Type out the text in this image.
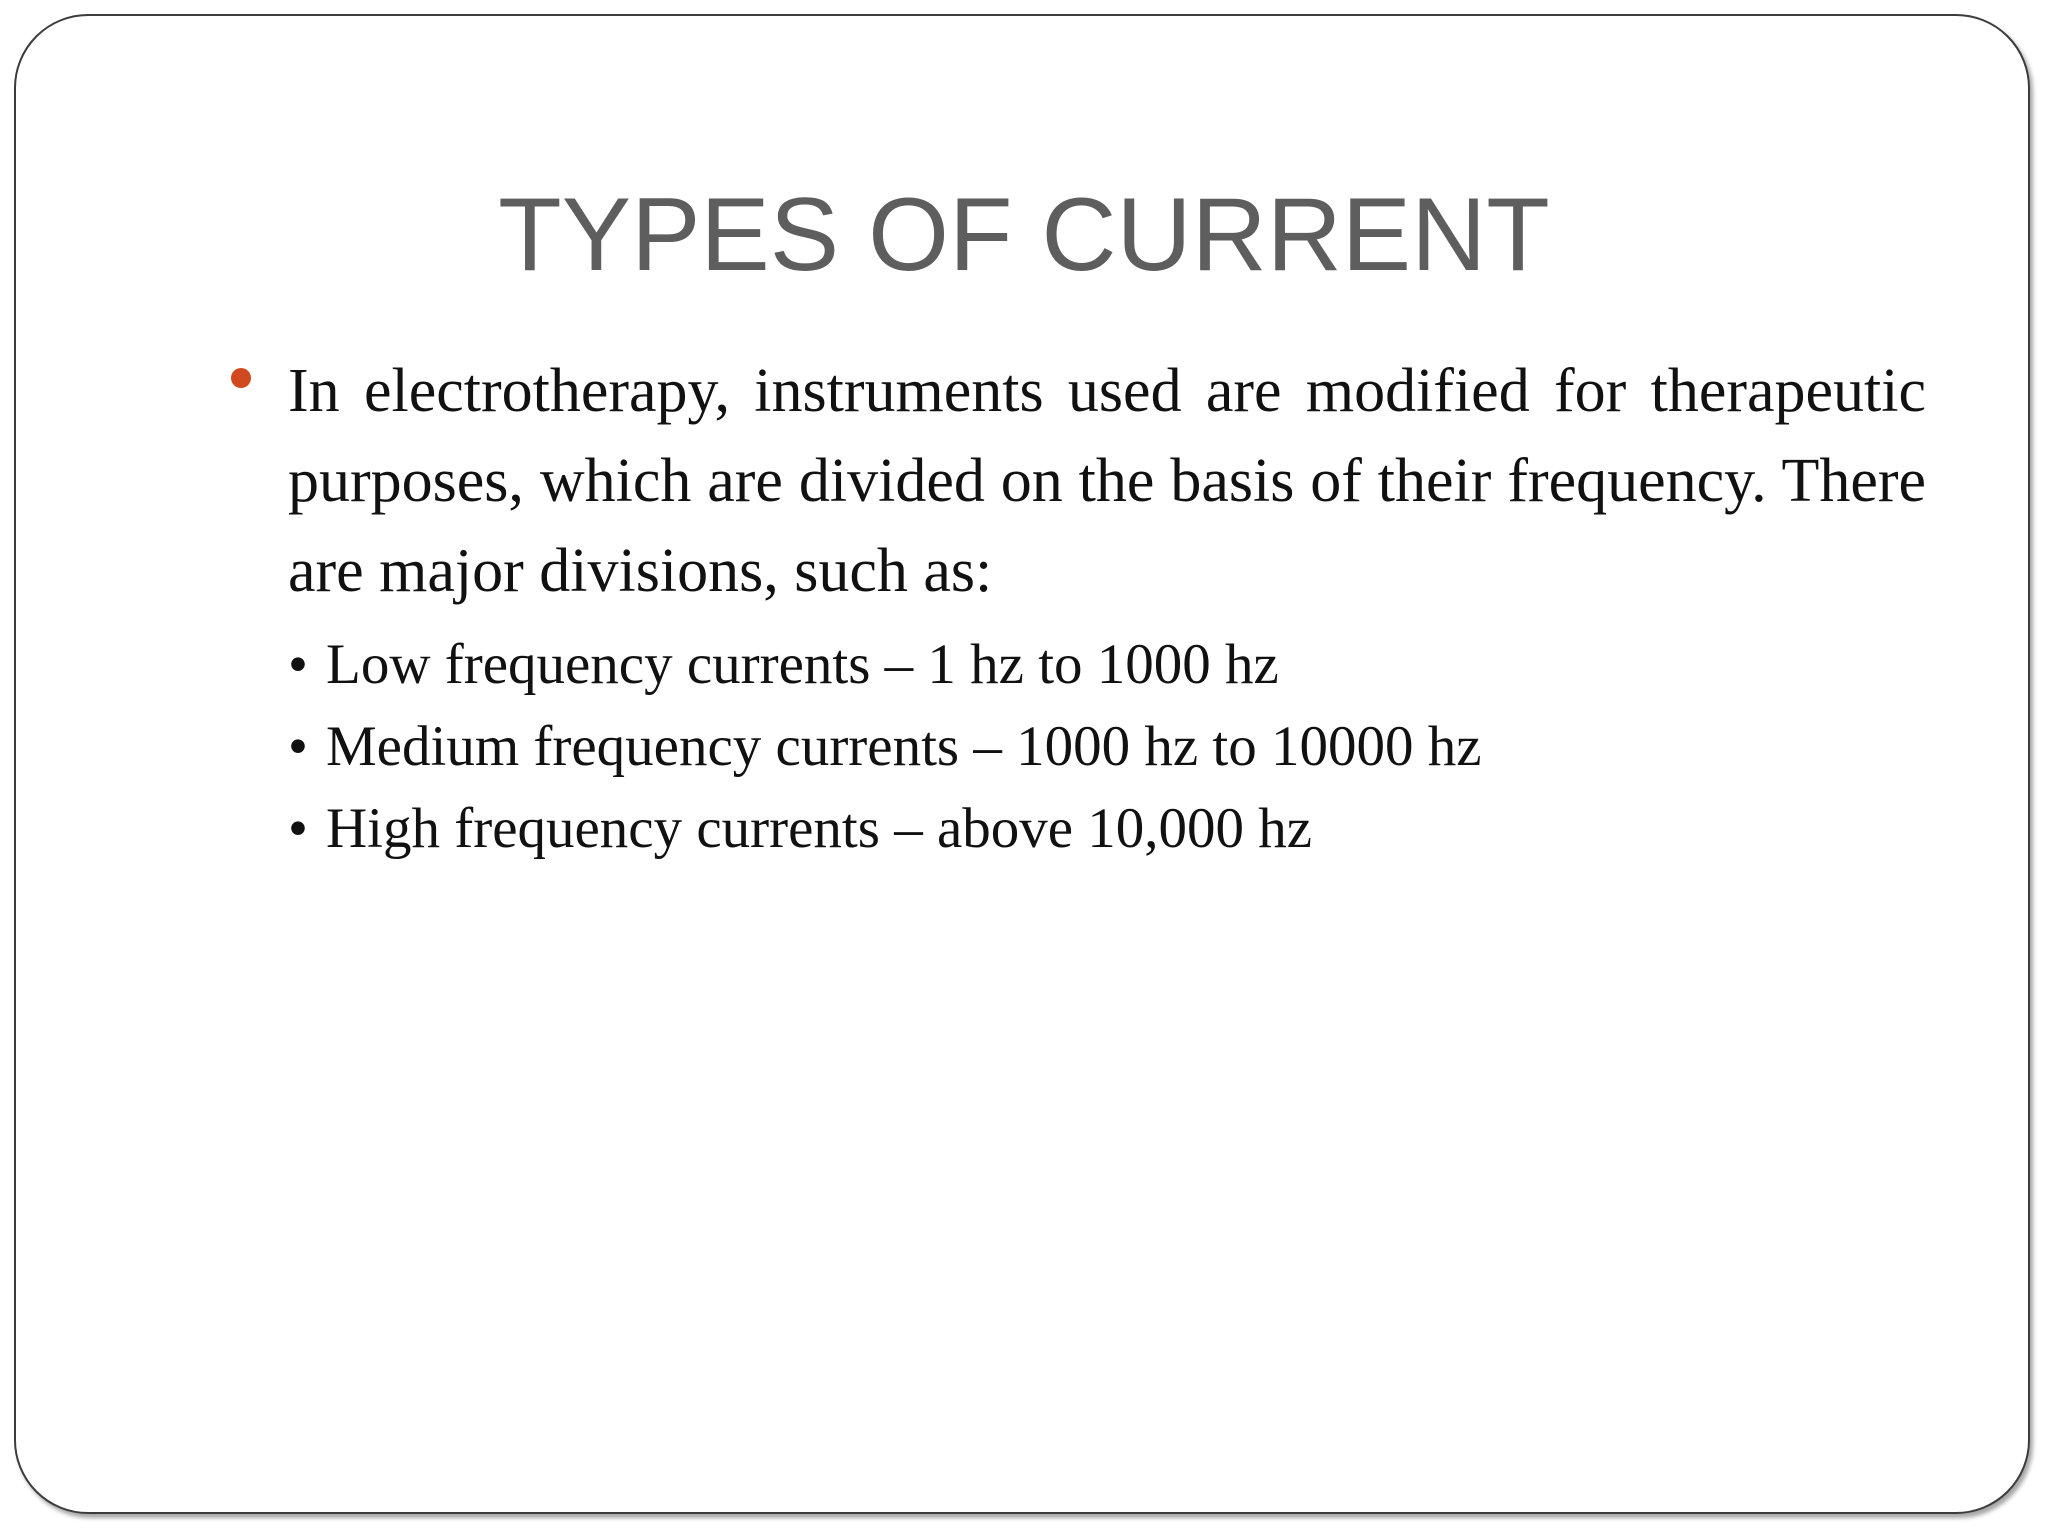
TYPES OF CURRENT
In electrotherapy, instruments used are modified for therapeutic purposes, which are divided on the basis of their frequency. There are major divisions, such as:
• Low frequency currents – 1 hz to 1000 hz
• Medium frequency currents – 1000 hz to 10000 hz
• High frequency currents – above 10,000 hz
